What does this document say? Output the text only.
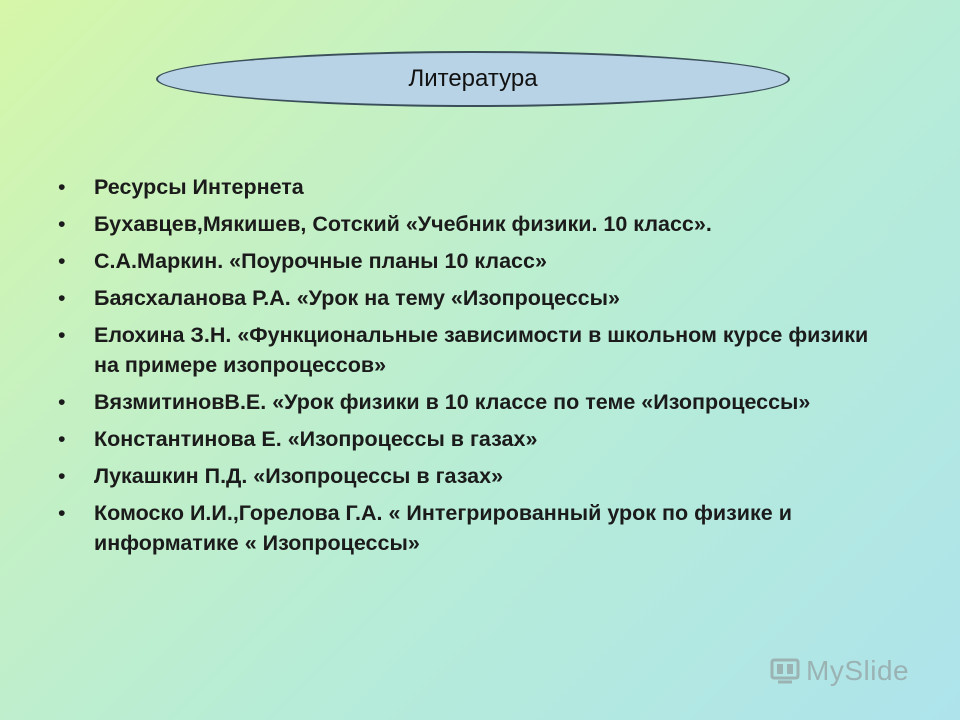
Литература
• Ресурсы Интернета
• Бухавцев,Мякишев, Сотский «Учебник физики. 10 класс».
• С.А.Маркин. «Поурочные планы 10 класс»
• Баясхаланова Р.А. «Урок на тему «Изопроцессы»
• Елохина З.Н. «Функциональные зависимости в школьном курсе физики на примере изопроцессов»
• ВязмитиновВ.Е. «Урок физики в 10 классе по теме «Изопроцессы»
• Константинова Е. «Изопроцессы в газах»
• Лукашкин П.Д. «Изопроцессы в газах»
• Комоско И.И.,Горелова Г.А. « Интегрированный урок по физике и информатике « Изопроцессы»
MySlide
